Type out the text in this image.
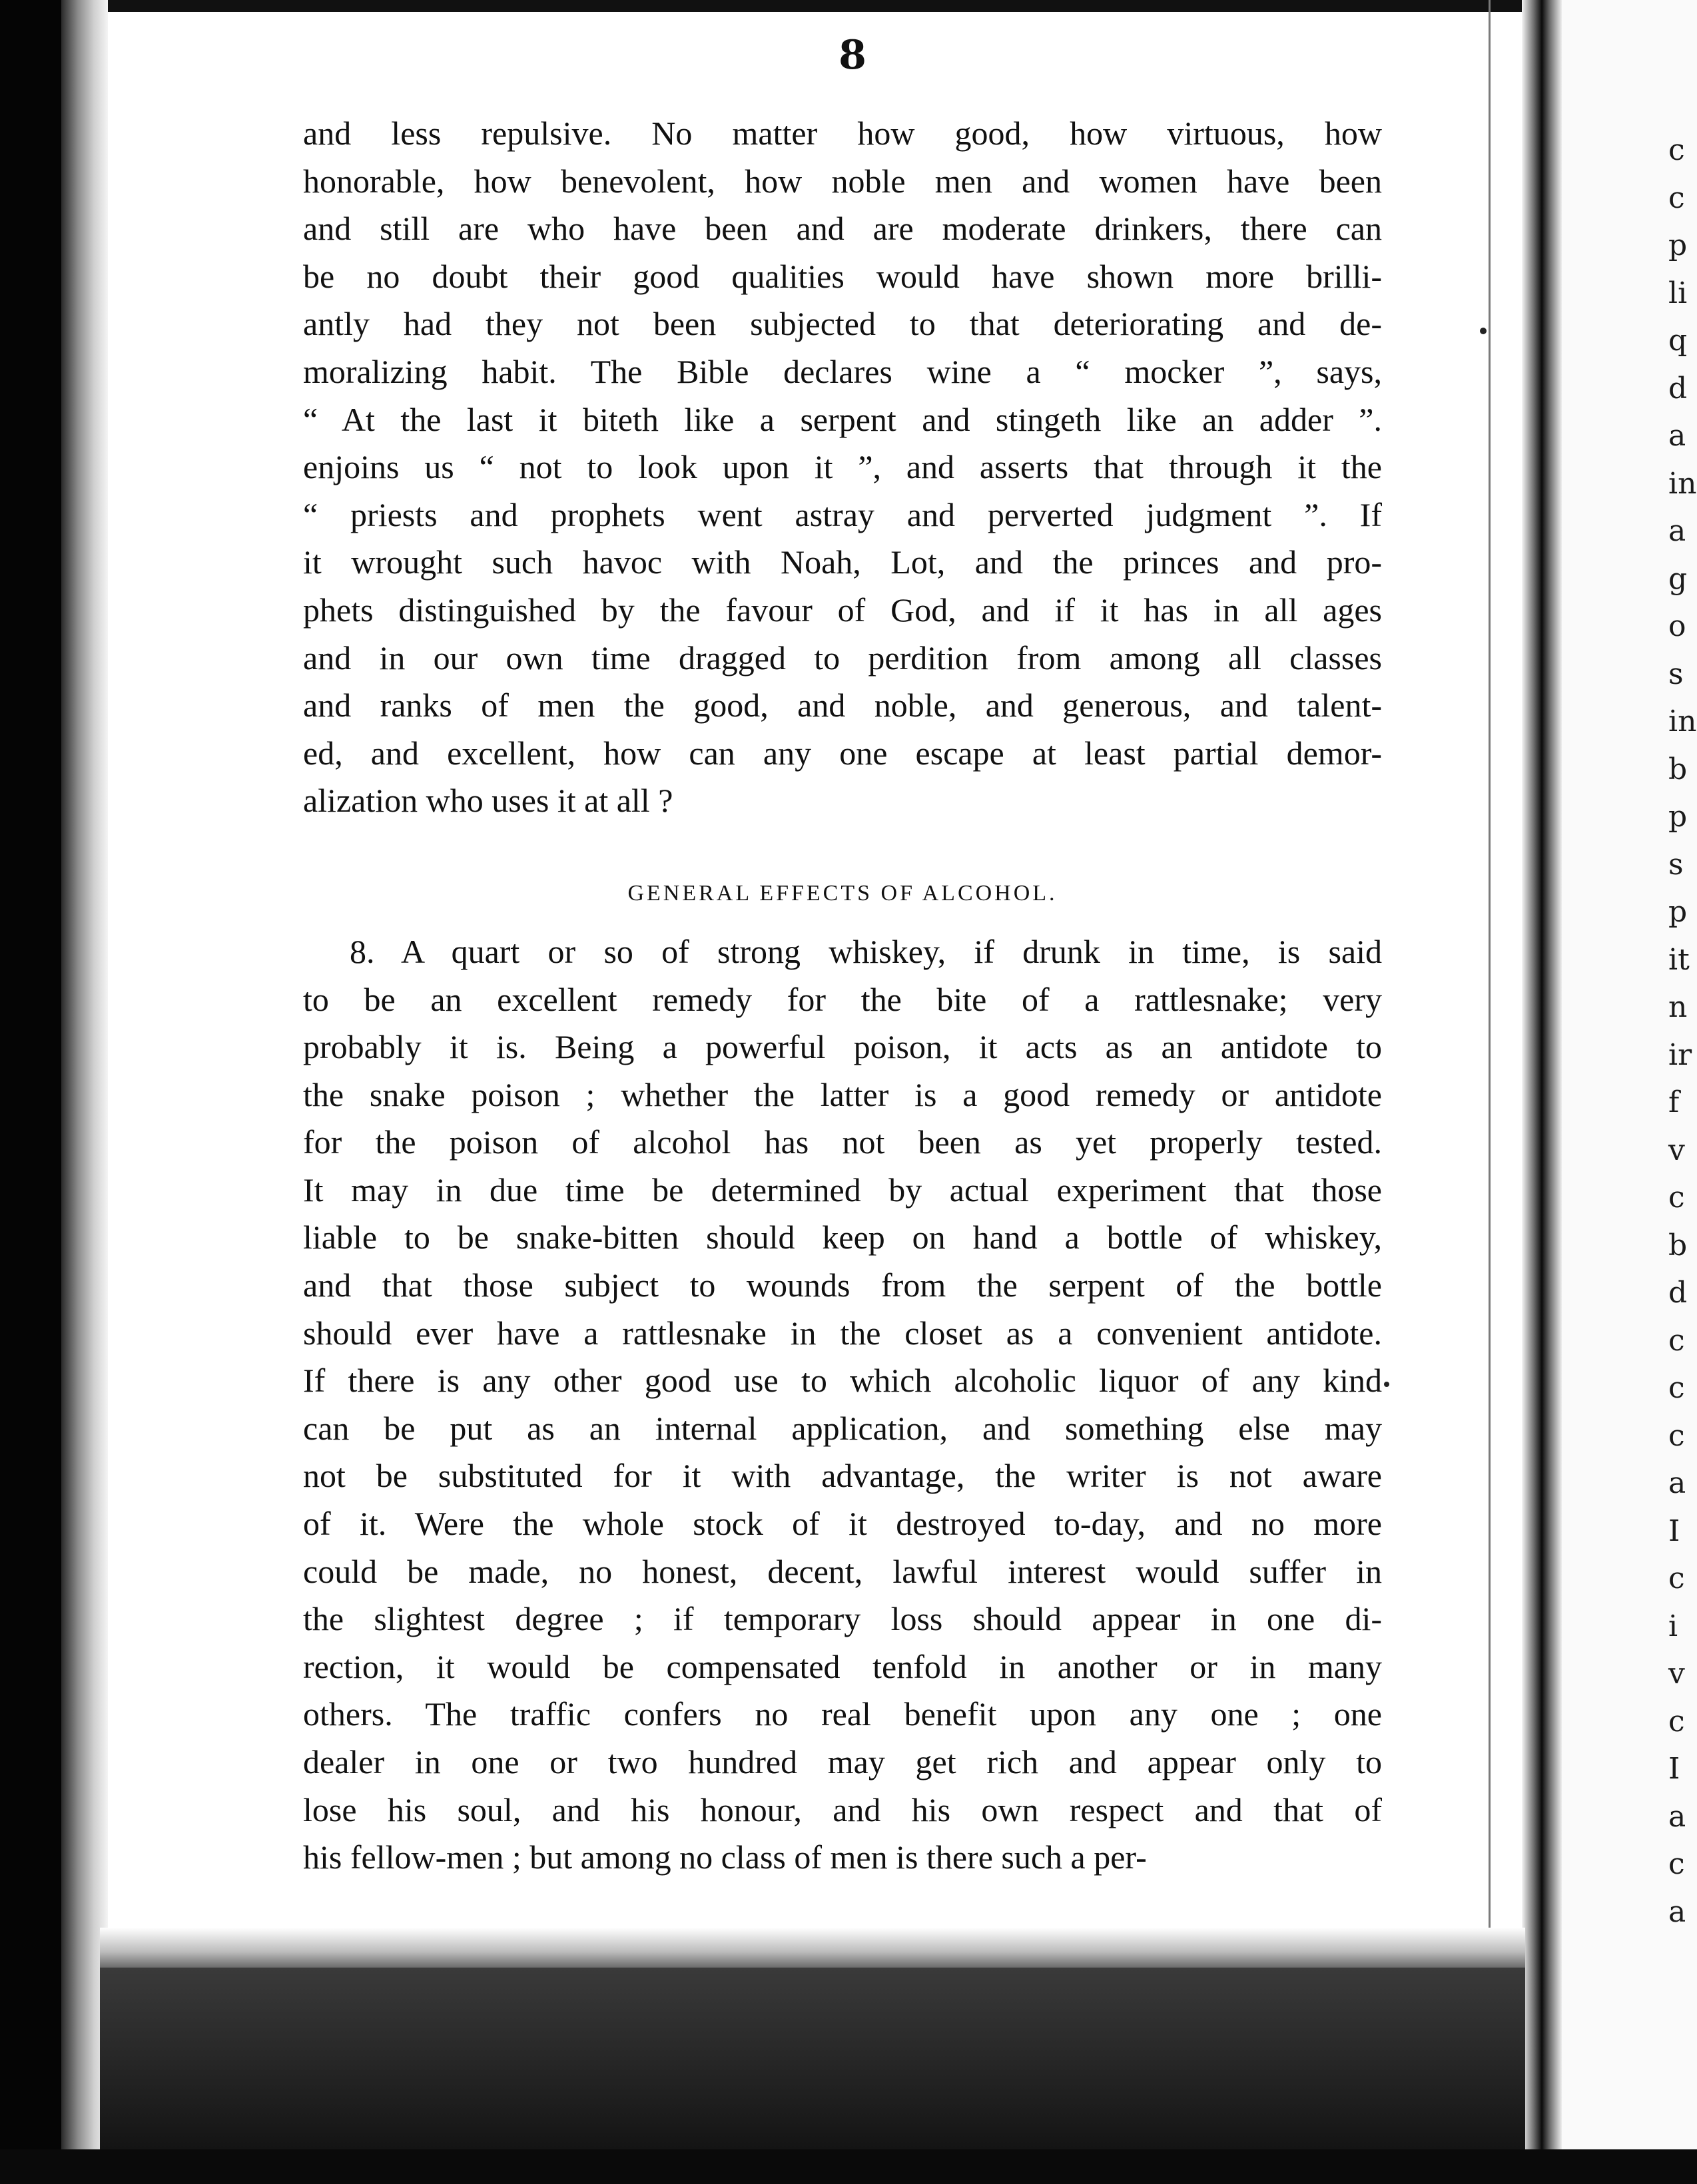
c
c
p
li
q
d
a
in
a
g
o
s
in
b
p
s
p
it
n
ir
f
v
c
b
d
c
c
c
a
I
c
i
v
c
I
a
c
a
8
and less repulsive. No matter how good, how virtuous, how
honorable, how benevolent, how noble men and women have been
and still are who have been and are moderate drinkers, there can
be no doubt their good qualities would have shown more brilli-
antly had they not been subjected to that deteriorating and de-
moralizing habit. The Bible declares wine a “ mocker ”, says,
“ At the last it biteth like a serpent and stingeth like an adder ”.
enjoins us “ not to look upon it ”, and asserts that through it the
“ priests and prophets went astray and perverted judgment ”. If
it wrought such havoc with Noah, Lot, and the princes and pro-
phets distinguished by the favour of God, and if it has in all ages
and in our own time dragged to perdition from among all classes
and ranks of men the good, and noble, and generous, and talent-
ed, and excellent, how can any one escape at least partial demor-
alization who uses it at all ?
GENERAL EFFECTS OF ALCOHOL.
8. A quart or so of strong whiskey, if drunk in time, is said
to be an excellent remedy for the bite of a rattlesnake; very
probably it is. Being a powerful poison, it acts as an antidote to
the snake poison ; whether the latter is a good remedy or antidote
for the poison of alcohol has not been as yet properly tested.
It may in due time be determined by actual experiment that those
liable to be snake-bitten should keep on hand a bottle of whiskey,
and that those subject to wounds from the serpent of the bottle
should ever have a rattlesnake in the closet as a convenient antidote.
If there is any other good use to which alcoholic liquor of any kind
can be put as an internal application, and something else may
not be substituted for it with advantage, the writer is not aware
of it. Were the whole stock of it destroyed to-day, and no more
could be made, no honest, decent, lawful interest would suffer in
the slightest degree ; if temporary loss should appear in one di-
rection, it would be compensated tenfold in another or in many
others. The traffic confers no real benefit upon any one ; one
dealer in one or two hundred may get rich and appear only to
lose his soul, and his honour, and his own respect and that of
his fellow-men ; but among no class of men is there such a per-
